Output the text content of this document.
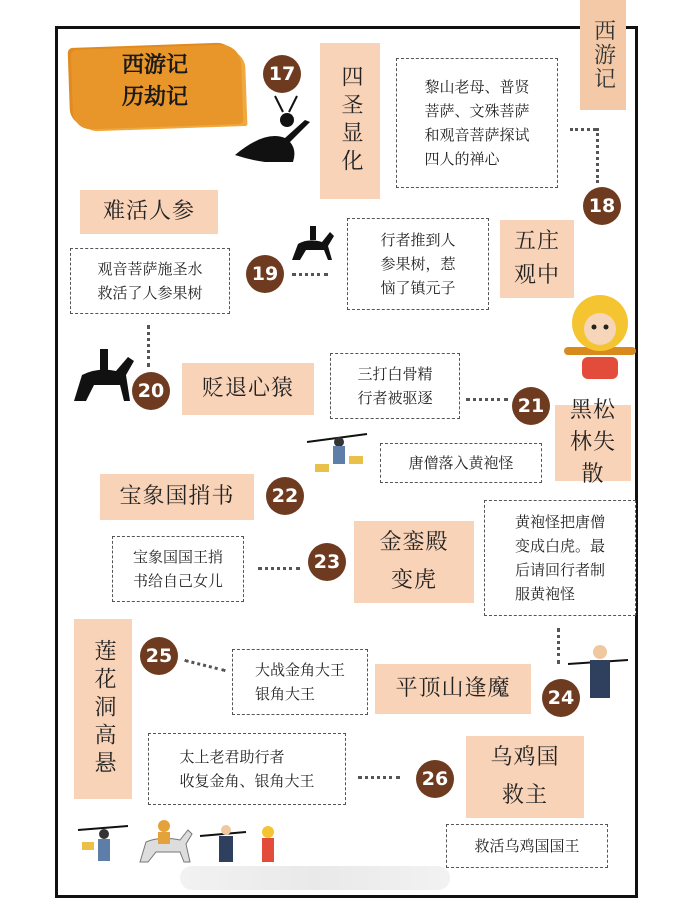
西游记
西游记
历劫记
17	四圣显化	黎山老母、普贤
菩萨、文殊菩萨
和观音菩萨探试
四人的禅心
18
难活人参
观音菩萨施圣水
救活了人参果树
19
行者推到人
参果树，惹
恼了镇元子
五庄观中
20	贬退心猿
三打白骨精
行者被驱逐	21 黑松林失散
唐僧落入黄袍怪
宝象国捎书	22
宝象国国王捎
书给自己女儿
23
金銮殿变虎
黄袍怪把唐僧
变成白虎。最
后请回行者制
服黄袍怪
平顶山逢魔	24
大战金角大王
银角大王
25
莲花洞高悬	太上老君助行者
收复金角、银角大王	26
乌鸡国救主
救活乌鸡国国王
